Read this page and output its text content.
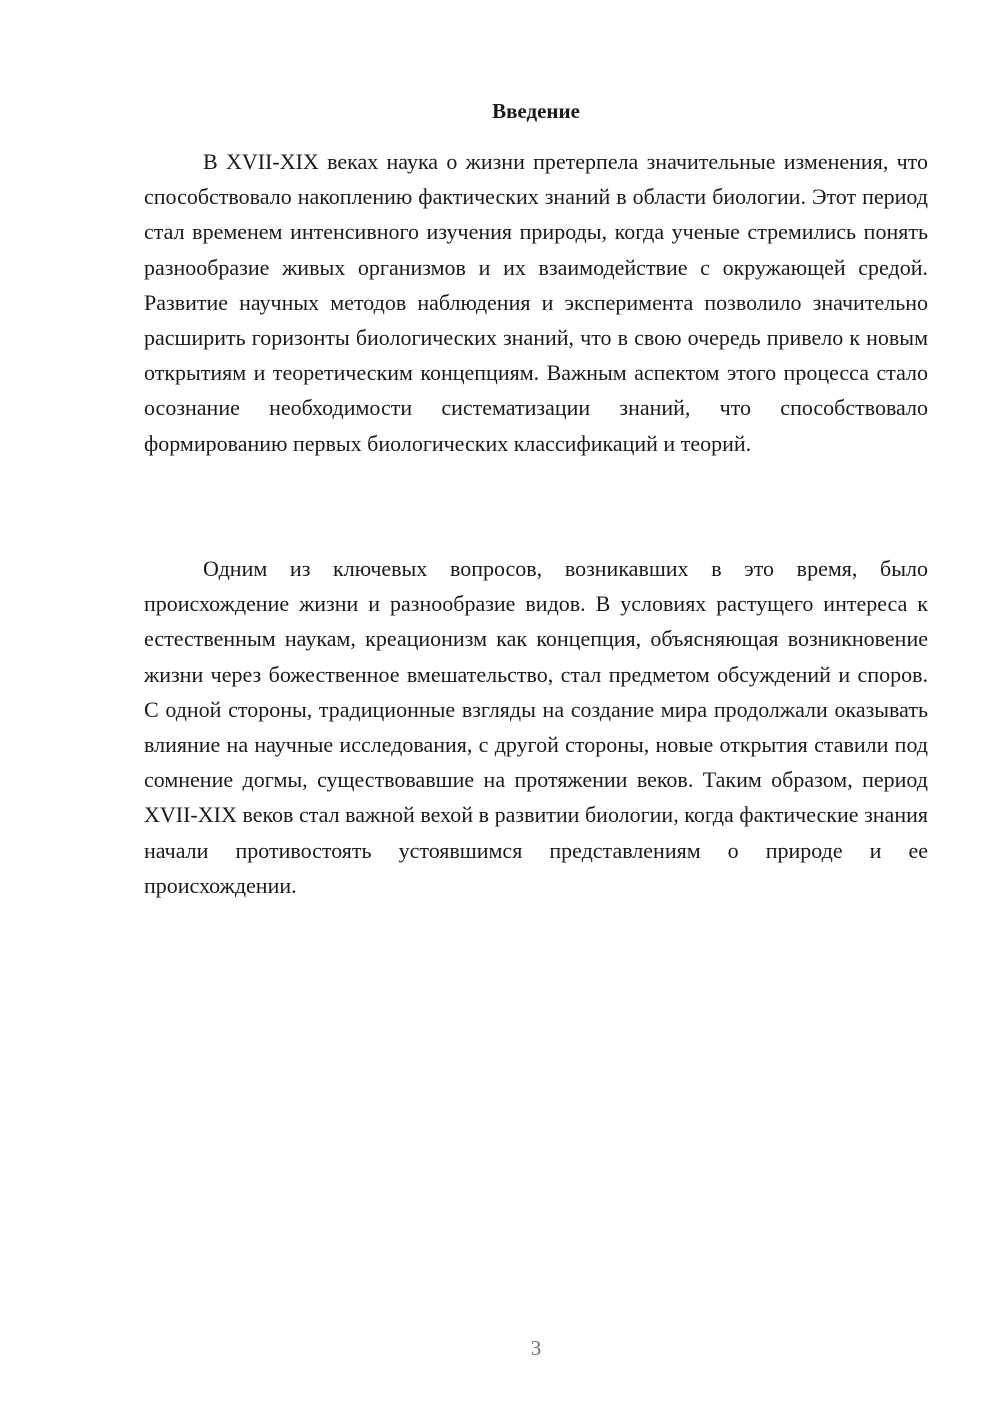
Введение

В XVII-XIX веках наука о жизни претерпела значительные изменения, что способствовало накоплению фактических знаний в области биологии. Этот период стал временем интенсивного изучения природы, когда ученые стремились понять разнообразие живых организмов и их взаимодействие с окружающей средой. Развитие научных методов наблюдения и эксперимента позволило значительно расширить горизонты биологических знаний, что в свою очередь привело к новым открытиям и теоретическим концепциям. Важным аспектом этого процесса стало осознание необходимости систематизации знаний, что способствовало формированию первых биологических классификаций и теорий.

Одним из ключевых вопросов, возникавших в это время, было происхождение жизни и разнообразие видов. В условиях растущего интереса к естественным наукам, креационизм как концепция, объясняющая возникновение жизни через божественное вмешательство, стал предметом обсуждений и споров. С одной стороны, традиционные взгляды на создание мира продолжали оказывать влияние на научные исследования, с другой стороны, новые открытия ставили под сомнение догмы, существовавшие на протяжении веков. Таким образом, период XVII-XIX веков стал важной вехой в развитии биологии, когда фактические знания начали противостоять устоявшимся представлениям о природе и ее происхождении.

3
